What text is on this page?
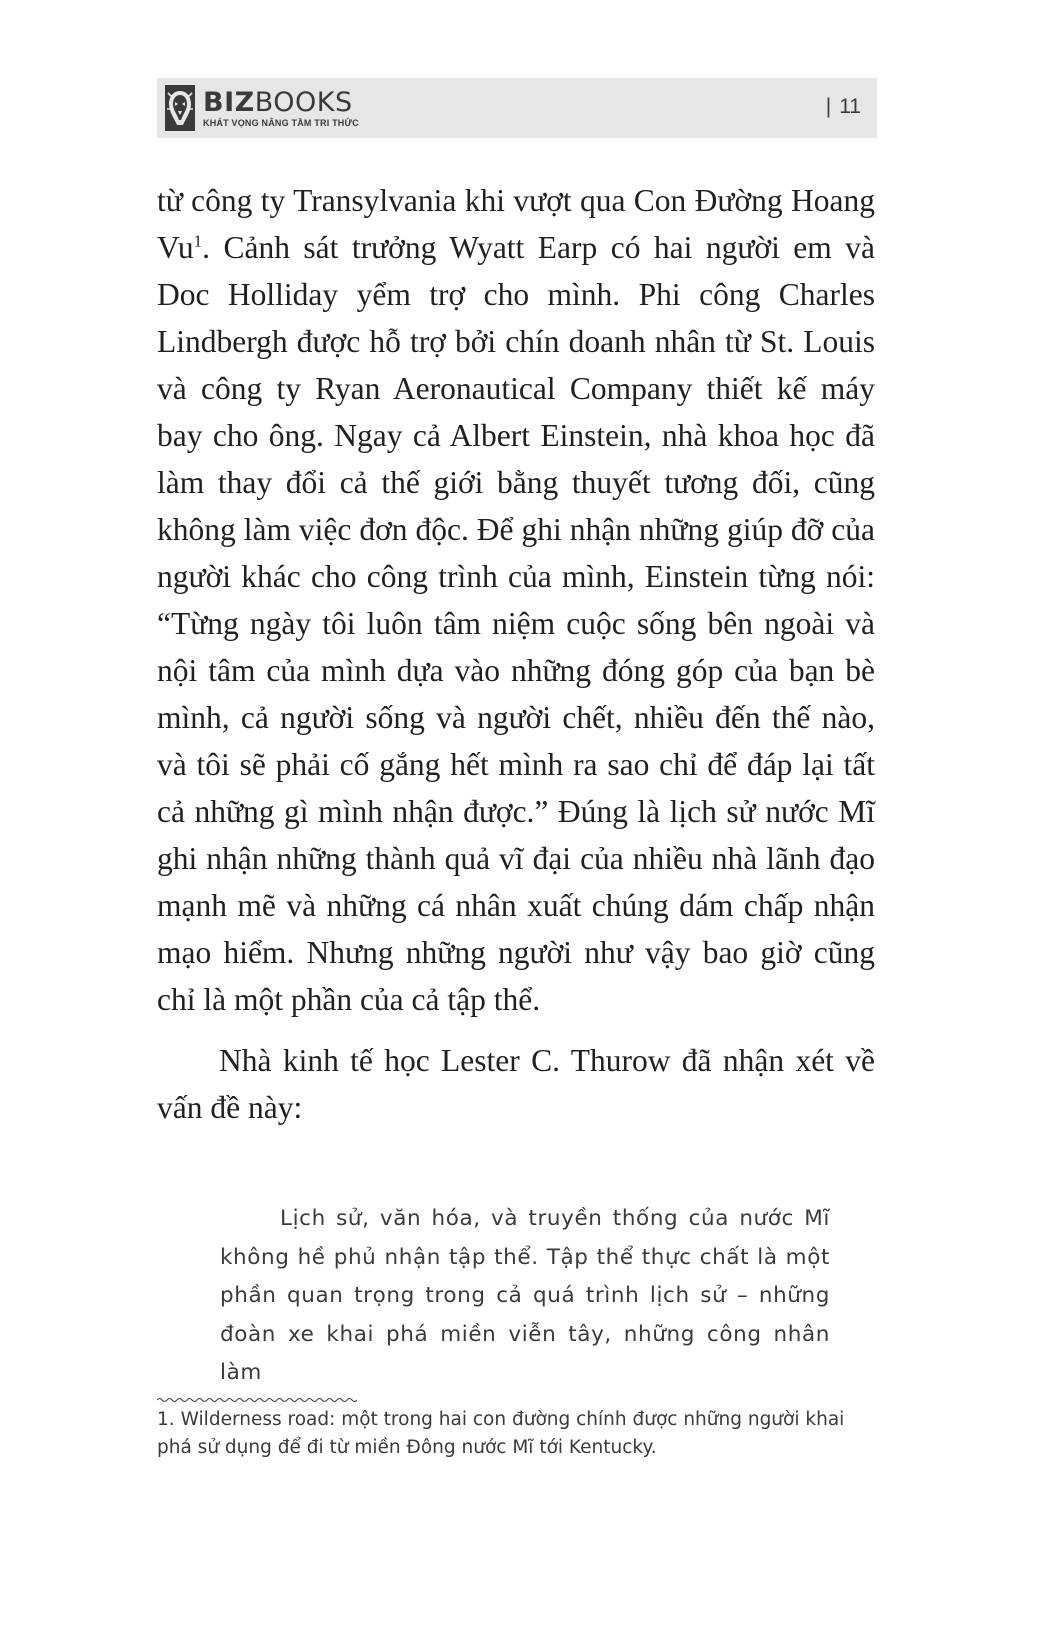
BIZBOOKS
KHÁT VỌNG NÂNG TẦM TRI THỨC
| 11

từ công ty Transylvania khi vượt qua Con Đường Hoang Vu$^1$. Cảnh sát trưởng Wyatt Earp có hai người em và Doc Holliday yểm trợ cho mình. Phi công Charles Lindbergh được hỗ trợ bởi chín doanh nhân từ St. Louis và công ty Ryan Aeronautical Company thiết kế máy bay cho ông. Ngay cả Albert Einstein, nhà khoa học đã làm thay đổi cả thế giới bằng thuyết tương đối, cũng không làm việc đơn độc. Để ghi nhận những giúp đỡ của người khác cho công trình của mình, Einstein từng nói: “Từng ngày tôi luôn tâm niệm cuộc sống bên ngoài và nội tâm của mình dựa vào những đóng góp của bạn bè mình, cả người sống và người chết, nhiều đến thế nào, và tôi sẽ phải cố gắng hết mình ra sao chỉ để đáp lại tất cả những gì mình nhận được.” Đúng là lịch sử nước Mĩ ghi nhận những thành quả vĩ đại của nhiều nhà lãnh đạo mạnh mẽ và những cá nhân xuất chúng dám chấp nhận mạo hiểm. Nhưng những người như vậy bao giờ cũng chỉ là một phần của cả tập thể.

Nhà kinh tế học Lester C. Thurow đã nhận xét về vấn đề này:

Lịch sử, văn hóa, và truyền thống của nước Mĩ không hề phủ nhận tập thể. Tập thể thực chất là một phần quan trọng trong cả quá trình lịch sử – những đoàn xe khai phá miền viễn tây, những công nhân làm

1. Wilderness road: một trong hai con đường chính được những người khai phá sử dụng để đi từ miền Đông nước Mĩ tới Kentucky.
